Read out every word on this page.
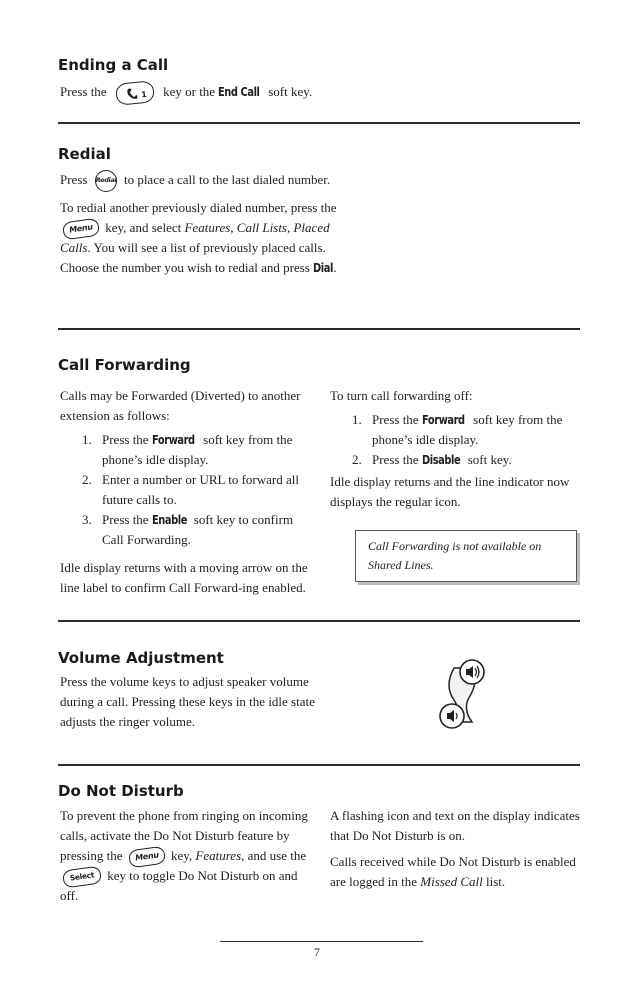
Ending a Call

Press the	1 key or the End Call soft key.

Redial

Press Redial to place a call to the last dialed number.

To redial another previously dialed number, press the
Menu key, and select Features, Call Lists, Placed Calls. You will see a list of previously placed calls. Choose the number you wish to redial and press Dial.

Call Forwarding

Calls may be Forwarded (Diverted) to another extension as follows:

1. Press the Forward soft key from the phone’s idle display.
2. Enter a number or URL to forward all future calls to.
3. Press the Enable soft key to confirm Call Forwarding.

Idle display returns with a moving arrow on the line label to confirm Call Forward-ing enabled.

To turn call forwarding off:

1. Press the Forward soft key from the phone’s idle display.
2. Press the Disable soft key.

Idle display returns and the line indicator now displays the regular icon.

Call Forwarding is not available on Shared Lines.
Volume Adjustment

Press the volume keys to adjust speaker volume during a call. Pressing these keys in the idle state adjusts the ringer volume.

Do Not Disturb

To prevent the phone from ringing on incoming calls, activate the Do Not Disturb feature by pressing the	Menu key, Features, and use the
Select key to toggle Do Not Disturb on and off.

A flashing icon and text on the display indicates that Do Not Disturb is on.

Calls received while Do Not Disturb is enabled are logged in the Missed Call list.

7
